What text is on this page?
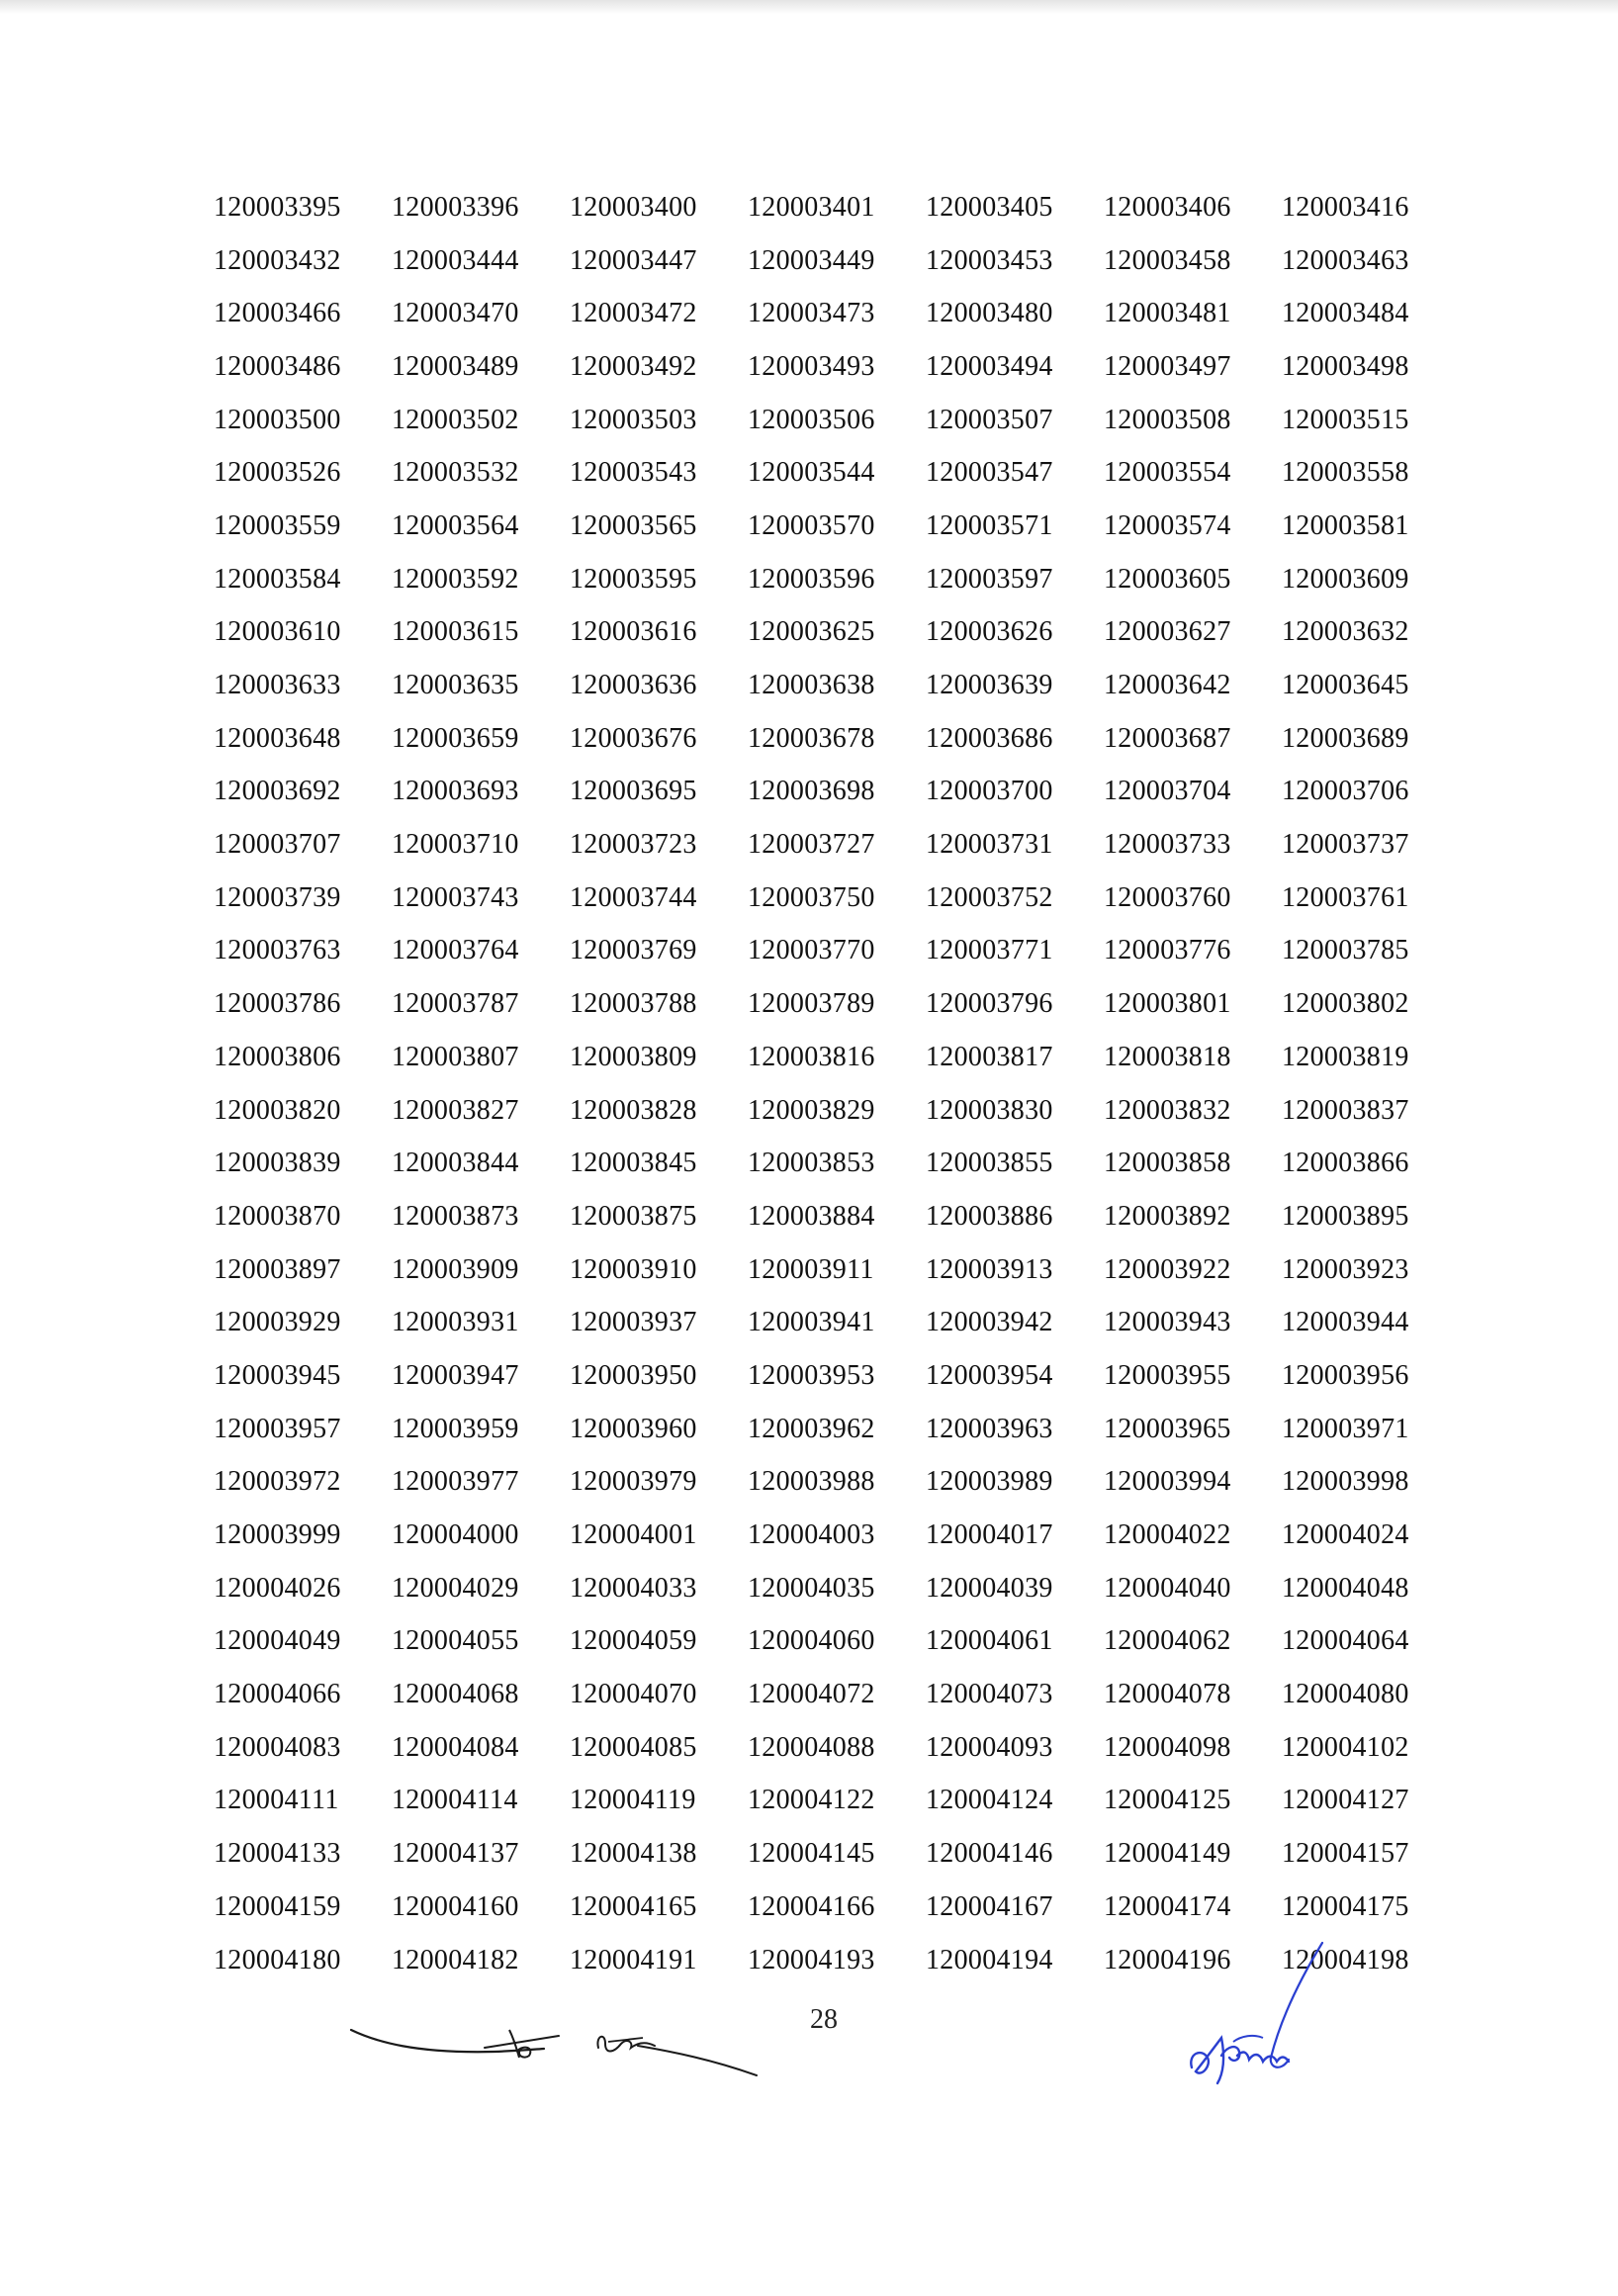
120003395	120003396	120003400	120003401	120003405	120003406	120003416
120003432	120003444	120003447	120003449	120003453	120003458	120003463
120003466	120003470	120003472	120003473	120003480	120003481	120003484
120003486	120003489	120003492	120003493	120003494	120003497	120003498
120003500	120003502	120003503	120003506	120003507	120003508	120003515
120003526	120003532	120003543	120003544	120003547	120003554	120003558
120003559	120003564	120003565	120003570	120003571	120003574	120003581
120003584	120003592	120003595	120003596	120003597	120003605	120003609
120003610	120003615	120003616	120003625	120003626	120003627	120003632
120003633	120003635	120003636	120003638	120003639	120003642	120003645
120003648	120003659	120003676	120003678	120003686	120003687	120003689
120003692	120003693	120003695	120003698	120003700	120003704	120003706
120003707	120003710	120003723	120003727	120003731	120003733	120003737
120003739	120003743	120003744	120003750	120003752	120003760	120003761
120003763	120003764	120003769	120003770	120003771	120003776	120003785
120003786	120003787	120003788	120003789	120003796	120003801	120003802
120003806	120003807	120003809	120003816	120003817	120003818	120003819
120003820	120003827	120003828	120003829	120003830	120003832	120003837
120003839	120003844	120003845	120003853	120003855	120003858	120003866
120003870	120003873	120003875	120003884	120003886	120003892	120003895
120003897	120003909	120003910	120003911	120003913	120003922	120003923
120003929	120003931	120003937	120003941	120003942	120003943	120003944
120003945	120003947	120003950	120003953	120003954	120003955	120003956
120003957	120003959	120003960	120003962	120003963	120003965	120003971
120003972	120003977	120003979	120003988	120003989	120003994	120003998
120003999	120004000	120004001	120004003	120004017	120004022	120004024
120004026	120004029	120004033	120004035	120004039	120004040	120004048
120004049	120004055	120004059	120004060	120004061	120004062	120004064
120004066	120004068	120004070	120004072	120004073	120004078	120004080
120004083	120004084	120004085	120004088	120004093	120004098	120004102
120004111	120004114	120004119	120004122	120004124	120004125	120004127
120004133	120004137	120004138	120004145	120004146	120004149	120004157
120004159	120004160	120004165	120004166	120004167	120004174	120004175
120004180	120004182	120004191	120004193	120004194	120004196	120004198
28
